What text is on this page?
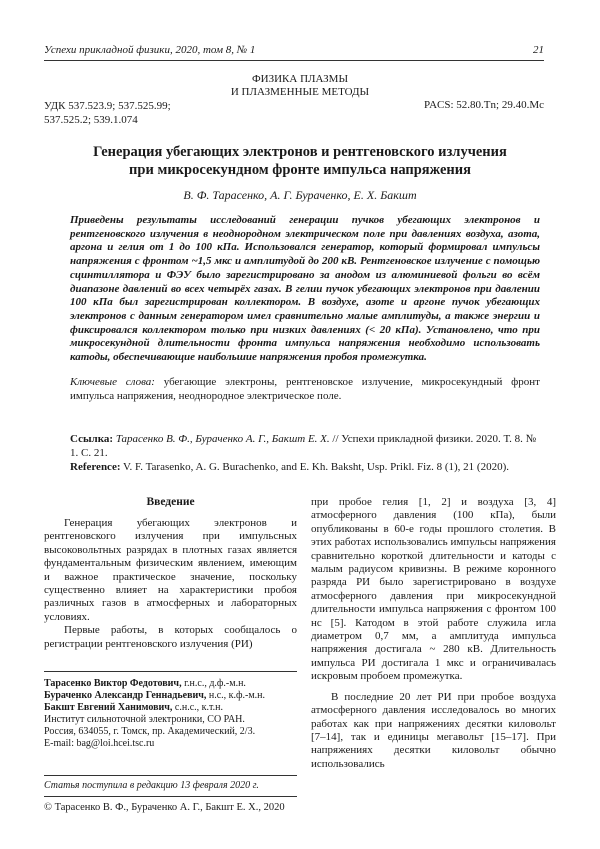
Успехи прикладной физики, 2020, том 8, № 1	21
ФИЗИКА ПЛАЗМЫ
И ПЛАЗМЕННЫЕ МЕТОДЫ
УДК 537.523.9; 537.525.99;
537.525.2; 539.1.074
PACS: 52.80.Tn; 29.40.Mc
Генерация убегающих электронов и рентгеновского излучения
при микросекундном фронте импульса напряжения
В. Ф. Тарасенко, А. Г. Бураченко, Е. Х. Бакшт
Приведены результаты исследований генерации пучков убегающих электронов и рентгеновского излучения в неоднородном электрическом поле при давлениях воздуха, азота, аргона и гелия от 1 до 100 кПа. Использовался генератор, который формировал импульсы напряжения с фронтом ~1,5 мкс и амплитудой до 200 кВ. Рентгеновское излучение с помощью сцинтиллятора и ФЭУ было зарегистрировано за анодом из алюминиевой фольги во всём диапазоне давлений во всех четырёх газах. В гелии пучок убегающих электронов при давлении 100 кПа был зарегистрирован коллектором. В воздухе, азоте и аргоне пучок убегающих электронов с данным генератором имел сравнительно малые амплитуды, а также энергии и фиксировался коллектором только при низких давлениях (< 20 кПа). Установлено, что при микросекундной длительности фронта импульса напряжения необходимо использовать катоды, обеспечивающие наибольшие напряжения пробоя промежутка.
Ключевые слова: убегающие электроны, рентгеновское излучение, микросекундный фронт импульса напряжения, неоднородное электрическое поле.
Ссылка: Тарасенко В. Ф., Бураченко А. Г., Бакшт Е. Х. // Успехи прикладной физики. 2020. Т. 8. № 1. С. 21.
Reference: V. F. Tarasenko, A. G. Burachenko, and E. Kh. Baksht, Usp. Prikl. Fiz. 8 (1), 21 (2020).
Введение

Генерация убегающих электронов и рентгеновского излучения при импульсных высоковольтных разрядах в плотных газах является фундаментальным физическим явлением, имеющим и важное практическое значение, поскольку существенно влияет на характеристики пробоя различных газов в атмосферных и лабораторных условиях.

Первые работы, в которых сообщалось о регистрации рентгеновского излучения (РИ)

Тарасенко Виктор Федотович, г.н.с., д.ф.-м.н.
Бураченко Александр Геннадьевич, н.с., к.ф.-м.н.
Бакшт Евгений Ханимович, с.н.с., к.т.н.
Институт сильноточной электроники, СО РАН.
Россия, 634055, г. Томск, пр. Академический, 2/3.
E-mail: bag@loi.hcei.tsc.ru
Статья поступила в редакцию 13 февраля 2020 г.
© Тарасенко В. Ф., Бураченко А. Г., Бакшт Е. Х., 2020

при пробое гелия [1, 2] и воздуха [3, 4] атмосферного давления (100 кПа), были опубликованы в 60-е годы прошлого столетия. В этих работах использовались импульсы напряжения сравнительно короткой длительности и катоды с малым радиусом кривизны. В режиме коронного разряда РИ было зарегистрировано в воздухе атмосферного давления при микросекундной длительности импульса напряжения с фронтом 100 нс [5]. Катодом в этой работе служила игла диаметром 0,7 мм, а амплитуда импульса напряжения достигала ~ 280 кВ. Длительность импульса РИ достигала 1 мкс и ограничивалась искровым пробоем промежутка.

В последние 20 лет РИ при пробое воздуха атмосферного давления исследовалось во многих работах как при напряжениях десятки киловольт [7–14], так и единицы мегавольт [15–17]. При напряжениях десятки киловольт обычно использовались
